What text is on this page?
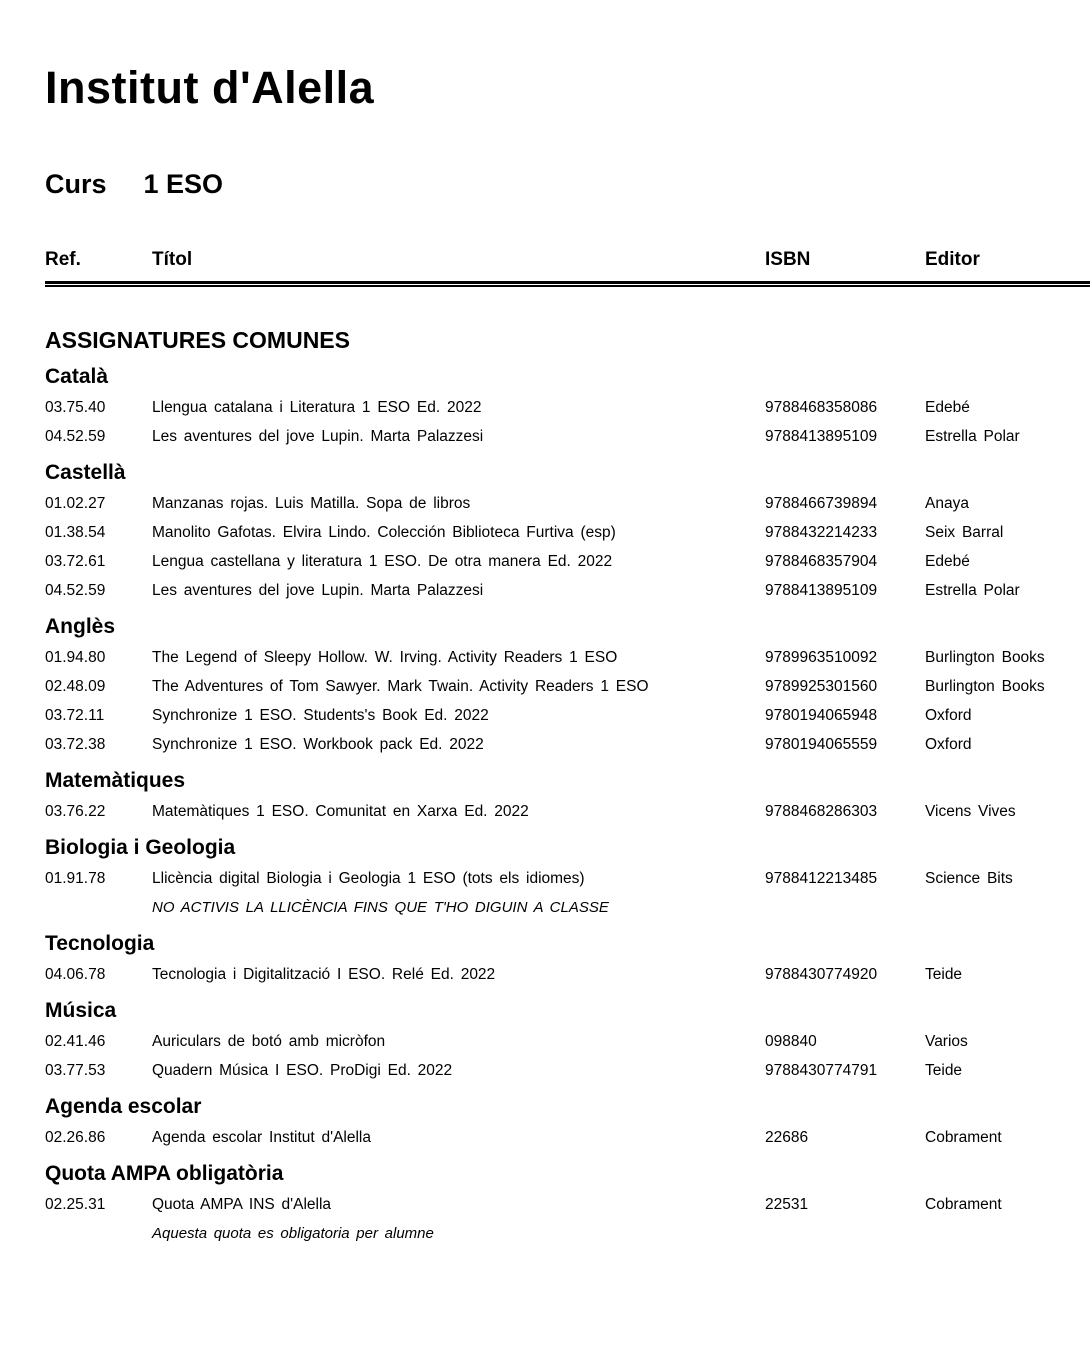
Institut d'Alella
Curs 1 ESO
Ref.	Títol	ISBN	Editor
ASSIGNATURES COMUNES
Català
03.75.40	Llengua catalana i Literatura 1 ESO Ed. 2022	9788468358086	Edebé
04.52.59	Les aventures del jove Lupin. Marta Palazzesi	9788413895109	Estrella Polar
Castellà
01.02.27	Manzanas rojas. Luis Matilla. Sopa de libros	9788466739894	Anaya
01.38.54	Manolito Gafotas. Elvira Lindo. Colección Biblioteca Furtiva (esp)	9788432214233	Seix Barral
03.72.61	Lengua castellana y literatura 1 ESO. De otra manera Ed. 2022	9788468357904	Edebé
04.52.59	Les aventures del jove Lupin. Marta Palazzesi	9788413895109	Estrella Polar
Anglès
01.94.80	The Legend of Sleepy Hollow. W. Irving. Activity Readers 1 ESO	9789963510092	Burlington Books
02.48.09	The Adventures of Tom Sawyer. Mark Twain. Activity Readers 1 ESO	9789925301560	Burlington Books
03.72.11	Synchronize 1 ESO. Students's Book Ed. 2022	9780194065948	Oxford
03.72.38	Synchronize 1 ESO. Workbook pack Ed. 2022	9780194065559	Oxford
Matemàtiques
03.76.22	Matemàtiques 1 ESO. Comunitat en Xarxa Ed. 2022	9788468286303	Vicens Vives
Biologia i Geologia
01.91.78	Llicència digital Biologia i Geologia 1 ESO (tots els idiomes)	9788412213485	Science Bits
NO ACTIVIS LA LLICÈNCIA FINS QUE T'HO DIGUIN A CLASSE
Tecnologia
04.06.78	Tecnologia i Digitalització I ESO. Relé Ed. 2022	9788430774920	Teide
Música
02.41.46	Auriculars de botó amb micròfon	098840	Varios
03.77.53	Quadern Música I ESO. ProDigi Ed. 2022	9788430774791	Teide
Agenda escolar
02.26.86	Agenda escolar Institut d'Alella	22686	Cobrament
Quota AMPA obligatòria
02.25.31	Quota AMPA INS d'Alella	22531	Cobrament
Aquesta quota es obligatoria per alumne
